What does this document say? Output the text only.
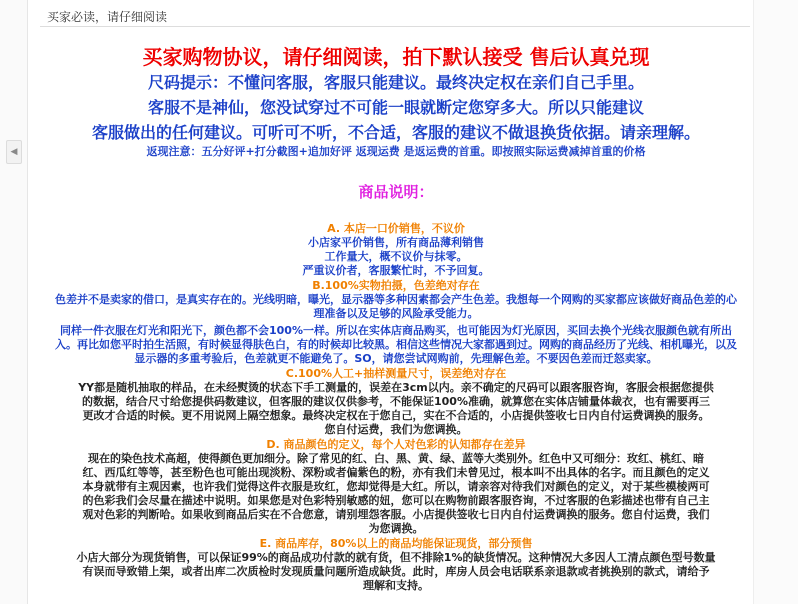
◀
买家必读，请仔细阅读
买家购物协议，请仔细阅读，拍下默认接受 售后认真兑现
尺码提示：不懂问客服，客服只能建议。最终决定权在亲们自己手里。
客服不是神仙，您没试穿过不可能一眼就断定您穿多大。所以只能建议
客服做出的任何建议。可听可不听，不合适，客服的建议不做退换货依据。请亲理解。
返现注意：五分好评+打分截图+追加好评 返现运费 是返运费的首重。即按照实际运费减掉首重的价格
商品说明：
A. 本店一口价销售，不议价
小店家平价销售，所有商品薄利销售
工作量大，概不议价与抹零。
严重议价者，客服繁忙时，不予回复。
B.100%实物拍摄，色差绝对存在
色差并不是卖家的借口，是真实存在的。光线明暗，曝光，显示器等多种因素都会产生色差。我想每一个网购的买家都应该做好商品色差的心
理准备以及足够的风险承受能力。
同样一件衣服在灯光和阳光下，颜色都不会100%一样。所以在实体店商品购买，也可能因为灯光原因，买回去换个光线衣服颜色就有所出
入。再比如您平时拍生活照，有时候显得肤色白，有的时候却比较黑。相信这些情况大家都遇到过。网购的商品经历了光线、相机曝光，以及
显示器的多重考验后，色差就更不能避免了。SO，请您尝试网购前，先理解色差。不要因色差而迁怒卖家。
C.100%人工+抽样测量尺寸，误差绝对存在
YY都是随机抽取的样品，在未经熨烫的状态下手工测量的，误差在3cm以内。亲不确定的尺码可以跟客服咨询，客服会根据您提供
的数据，结合尺寸给您提供码数建议，但客服的建议仅供参考，不能保证100%准确，就算您在实体店铺量体裁衣，也有需要再三
更改才合适的时候。更不用说网上隔空想象。最终决定权在于您自己，实在不合适的，小店提供签收七日内自付运费调换的服务。
您自付运费，我们为您调换。
D. 商品颜色的定义，每个人对色彩的认知都存在差异
现在的染色技术高超，使得颜色更加细分。除了常见的红、白、黑、黄、绿、蓝等大类别外。红色中又可细分：玫红、桃红、暗
红、西瓜红等等，甚至粉色也可能出现淡粉、深粉或者偏紫色的粉，亦有我们未曾见过，根本叫不出具体的名字。而且颜色的定义
本身就带有主观因素，也许我们觉得这件衣服是玫红，您却觉得是大红。所以，请亲容对待我们对颜色的定义，对于某些模棱两可
的色彩我们会尽量在描述中说明。如果您是对色彩特别敏感的妞，您可以在购物前跟客服咨询，不过客服的色彩描述也带有自己主
观对色彩的判断哈。如果收到商品后实在不合您意，请别埋怨客服。小店提供签收七日内自付运费调换的服务。您自付运费，我们
为您调换。
E. 商品库存，80%以上的商品均能保证现货，部分预售
小店大部分为现货销售，可以保证99%的商品成功付款的就有货，但不排除1%的缺货情况。这种情况大多因人工清点颜色型号数量
有误而导致错上架，或者出库二次质检时发现质量问题所造成缺货。此时，库房人员会电话联系亲退款或者挑换别的款式，请给予
理解和支持。
